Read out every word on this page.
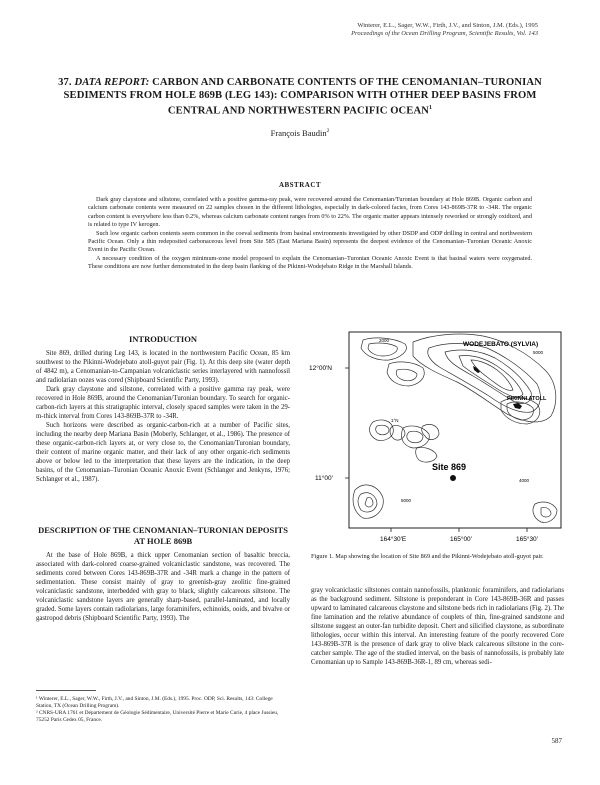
Winterer, E.L., Sager, W.W., Firth, J.V., and Sinton, J.M. (Eds.), 1995
Proceedings of the Ocean Drilling Program, Scientific Results, Vol. 143
37. DATA REPORT: CARBON AND CARBONATE CONTENTS OF THE CENOMANIAN–TURONIAN SEDIMENTS FROM HOLE 869B (LEG 143): COMPARISON WITH OTHER DEEP BASINS FROM CENTRAL AND NORTHWESTERN PACIFIC OCEAN$^1$
François Baudin$^2$
ABSTRACT

Dark gray claystone and siltstone, correlated with a positive gamma-ray peak, were recovered around the Cenomanian/Turonian boundary at Hole 869B. Organic carbon and calcium carbonate contents were measured on 22 samples chosen in the different lithologies, especially in dark-colored facies, from Cores 143-869B-37R to -34R. The organic carbon content is everywhere less than 0.2%, whereas calcium carbonate content ranges from 0% to 22%. The organic matter appears intensely reworked or strongly oxidized, and is related to type IV kerogen.

Such low organic carbon contents seem common in the coeval sediments from basinal environments investigated by other DSDP and ODP drilling in central and northwestern Pacific Ocean. Only a thin redeposited carbonaceous level from Site 585 (East Mariana Basin) represents the deepest evidence of the Cenomanian–Turonian Oceanic Anoxic Event in the Pacific Ocean.

A necessary condition of the oxygen minimum-zone model proposed to explain the Cenomanian–Turonian Oceanic Anoxic Event is that basinal waters were oxygenated. These conditions are now further demonstrated in the deep basin flanking of the Pikinni-Wodejebato Ridge in the Marshall Islands.

INTRODUCTION

Site 869, drilled during Leg 143, is located in the northwestern Pacific Ocean, 85 km southwest to the Pikinni-Wodejebato atoll-guyot pair (Fig. 1). At this deep site (water depth of 4842 m), a Cenomanian-to-Campanian volcaniclastic series interlayered with nannofossil and radiolarian oozes was cored (Shipboard Scientific Party, 1993).

Dark gray claystone and siltstone, correlated with a positive gamma ray peak, were recovered in Hole 869B, around the Cenomanian/Turonian boundary. To search for organic-carbon-rich layers at this stratigraphic interval, closely spaced samples were taken in the 29-m-thick interval from Cores 143-869B-37R to -34R.

Such horizons were described as organic-carbon-rich at a number of Pacific sites, including the nearby deep Mariana Basin (Moberly, Schlanger, et al., 1986). The presence of these organic-carbon-rich layers at, or very close to, the Cenomanian/Turonian boundary, their content of marine organic matter, and their lack of any other organic-rich sediments above or below led to the interpretation that these layers are the indication, in the deep basins, of the Cenomanian–Turonian Oceanic Anoxic Event (Schlanger and Jenkyns, 1976; Schlanger et al., 1987).

DESCRIPTION OF THE CENOMANIAN–TURONIAN DEPOSITS AT HOLE 869B

At the base of Hole 869B, a thick upper Cenomanian section of basaltic breccia, associated with dark-colored coarse-grained volcaniclastic sandstone, was recovered. The sediments cored between Cores 143-869B-37R and -34R mark a change in the pattern of sedimentation. These consist mainly of gray to greenish-gray zeolitic fine-grained volcaniclastic sandstone, interbedded with gray to black, slightly calcareous siltstone. The volcaniclastic sandstone layers are generally sharp-based, parallel-laminated, and locally graded. Some layers contain radiolarians, large foraminifers, echinoids, ooids, and bivalve or gastropod debris (Shipboard Scientific Party, 1993). The

¹ Winterer, E.L., Sager, W.W., Firth, J.V., and Sinton, J.M. (Eds.), 1995. Proc. ODP, Sci. Results, 143: College Station, TX (Ocean Drilling Program).

² CNRS-URA 1761 et Département de Géologie Sédimentaire, Université Pierre et Marie Curie, 4 place Jussieu, 75252 Paris Cedex 05, France.

WODEJEBATO (SYLVIA)
PIKINNI ATOLL
Site 869
12°00'N
11°00'
164°30'E	165°00'	165°30'
2000
5000
5000
4000
1°N
Figure 1. Map showing the location of Site 869 and the Pikinni-Wodejebato atoll-guyot pair.

gray volcaniclastic siltstones contain nannofossils, planktonic foraminifers, and radiolarians as the background sediment. Siltstone is preponderant in Core 143-869B-36R and passes upward to laminated calcareous claystone and siltstone beds rich in radiolarians (Fig. 2). The fine lamination and the relative abundance of couplets of thin, fine-grained sandstone and siltstone suggest an outer-fan turbidite deposit. Chert and silicified claystone, as subordinate lithologies, occur within this interval. An interesting feature of the poorly recovered Core 143-869B-37R is the presence of dark gray to olive black calcareous siltstone in the core-catcher sample. The age of the studied interval, on the basis of nannofossils, is probably late Cenomanian up to Sample 143-869B-36R-1, 89 cm, whereas sedi-

587
